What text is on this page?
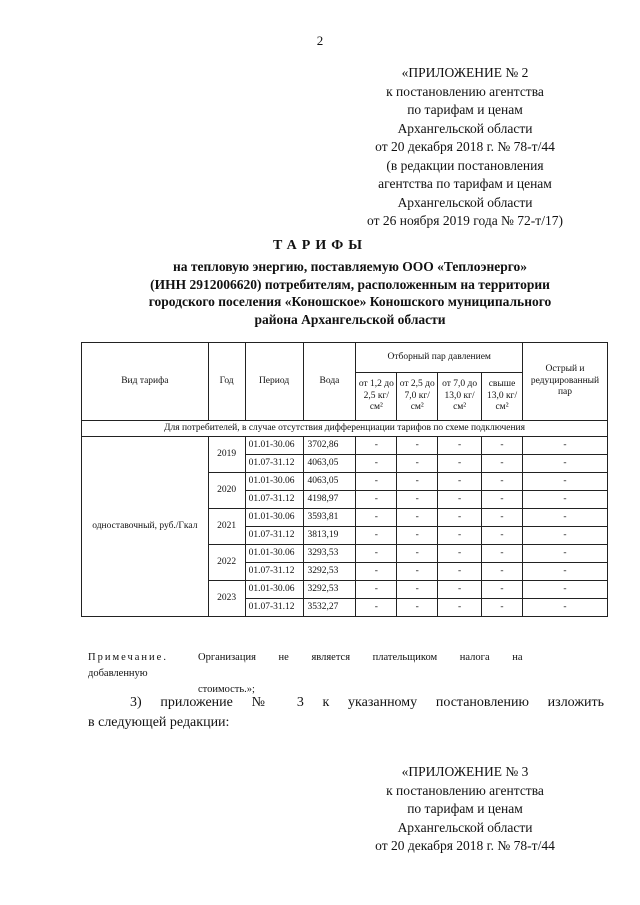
2
«ПРИЛОЖЕНИЕ № 2
к постановлению агентства
по тарифам и ценам
Архангельской области
от 20 декабря 2018 г. № 78-т/44
(в редакции постановления
агентства по тарифам и ценам
Архангельской области
от 26 ноября 2019 года № 72-т/17)
ТАРИФЫ
на тепловую энергию, поставляемую ООО «Теплоэнерго»
(ИНН 2912006620) потребителям, расположенным на территории
городского поселения «Коношское» Коношского муниципального
района Архангельской области
Вид тарифа	Год	Период	Вода	Отборный пар давлением				Острый и редуцированный пар
				от 1,2 до 2,5 кг/см²	от 2,5 до 7,0 кг/см²	от 7,0 до 13,0 кг/см²	свыше 13,0 кг/см²	
Для потребителей, в случае отсутствия дифференциации тарифов по схеме подключения								
одноставочный, руб./Гкал	2019	01.01-30.06	3702,86	-	-	-	-	-
		01.07-31.12	4063,05	-	-	-	-	-
	2020	01.01-30.06	4063,05	-	-	-	-	-
		01.07-31.12	4198,97	-	-	-	-	-
	2021	01.01-30.06	3593,81	-	-	-	-	-
		01.07-31.12	3813,19	-	-	-	-	-
	2022	01.01-30.06	3293,53	-	-	-	-	-
		01.07-31.12	3292,53	-	-	-	-	-
	2023	01.01-30.06	3292,53	-	-	-	-	-
		01.07-31.12	3532,27	-	-	-	-	-
Примечание.	Организация не является плательщиком налога на добавленную
стоимость.»;
3) приложение № 3 к указанному постановлению изложить
в следующей редакции:
«ПРИЛОЖЕНИЕ № 3
к постановлению агентства
по тарифам и ценам
Архангельской области
от 20 декабря 2018 г. № 78-т/44
